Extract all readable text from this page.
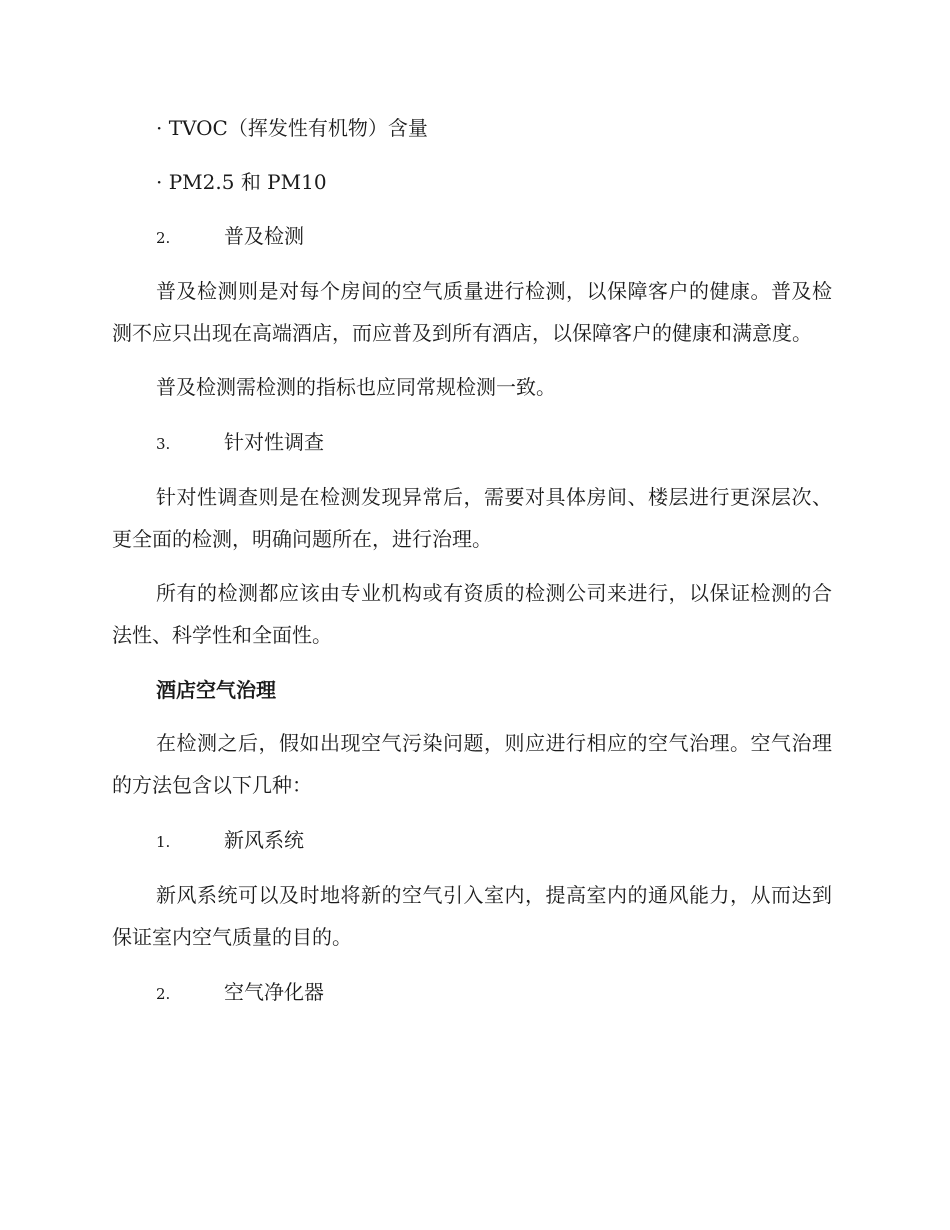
· TVOC（挥发性有机物）含量

· PM2.5 和 PM10

2.	普及检测

普及检测则是对每个房间的空气质量进行检测，以保障客户的健康。普及检测不应只出现在高端酒店，而应普及到所有酒店，以保障客户的健康和满意度。

普及检测需检测的指标也应同常规检测一致。

3.	针对性调查

针对性调查则是在检测发现异常后，需要对具体房间、楼层进行更深层次、更全面的检测，明确问题所在，进行治理。

所有的检测都应该由专业机构或有资质的检测公司来进行，以保证检测的合法性、科学性和全面性。

酒店空气治理

在检测之后，假如出现空气污染问题，则应进行相应的空气治理。空气治理的方法包含以下几种：

1.	新风系统

新风系统可以及时地将新的空气引入室内，提高室内的通风能力，从而达到保证室内空气质量的目的。

2.	空气净化器
